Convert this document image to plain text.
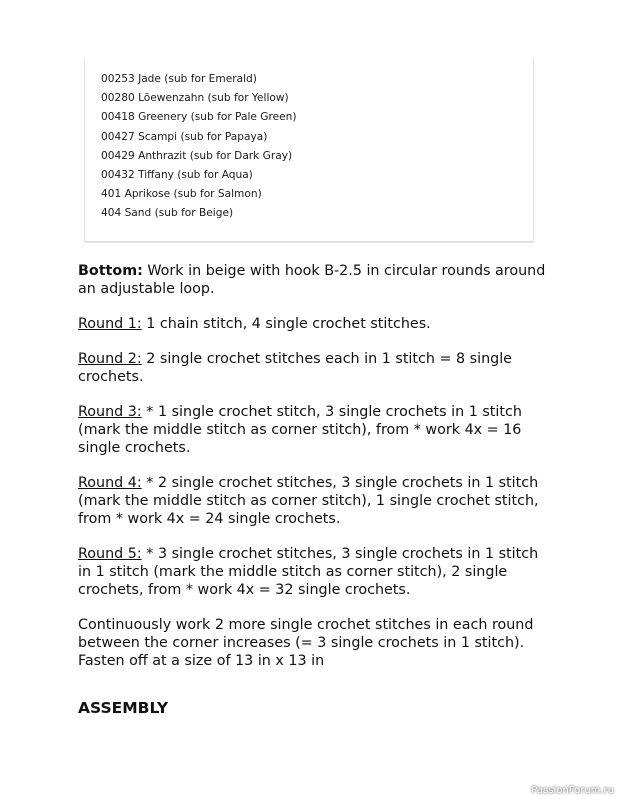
00253 Jade (sub for Emerald)
00280 Lõewenzahn (sub for Yellow)
00418 Greenery (sub for Pale Green)
00427 Scampi (sub for Papaya)
00429 Anthrazit (sub for Dark Gray)
00432 Tiffany (sub for Aqua)
401 Aprikose (sub for Salmon)
404 Sand (sub for Beige)

Bottom: Work in beige with hook B-2.5 in circular rounds around an adjustable loop.

Round 1: 1 chain stitch, 4 single crochet stitches.

Round 2: 2 single crochet stitches each in 1 stitch = 8 single crochets.

Round 3: * 1 single crochet stitch, 3 single crochets in 1 stitch (mark the middle stitch as corner stitch), from * work 4x = 16 single crochets.

Round 4: * 2 single crochet stitches, 3 single crochets in 1 stitch (mark the middle stitch as corner stitch), 1 single crochet stitch, from * work 4x = 24 single crochets.

Round 5: * 3 single crochet stitches, 3 single crochets in 1 stitch in 1 stitch (mark the middle stitch as corner stitch), 2 single crochets, from * work 4x = 32 single crochets.

Continuously work 2 more single crochet stitches in each round between the corner increases (= 3 single crochets in 1 stitch). Fasten off at a size of 13 in x 13 in

ASSEMBLY
PassionForum.ru
